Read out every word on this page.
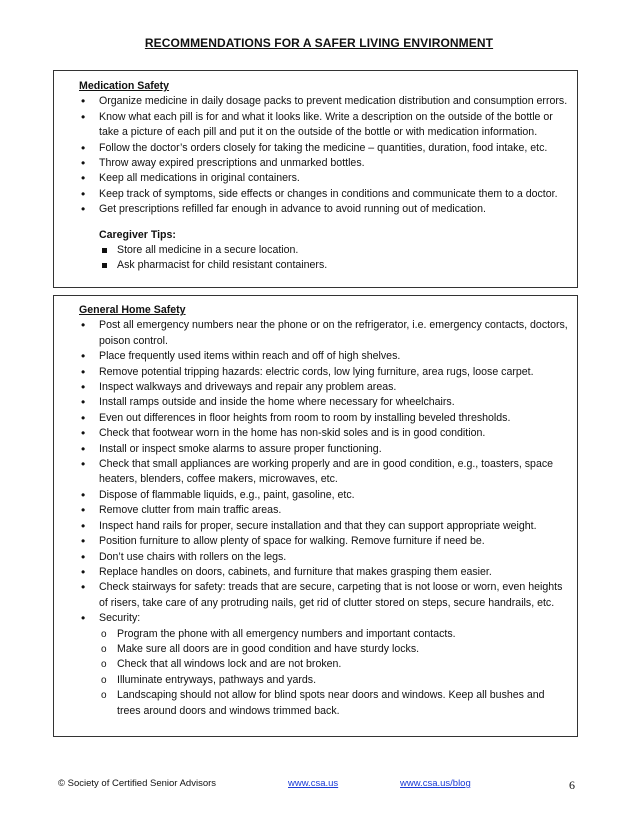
RECOMMENDATIONS FOR A SAFER LIVING ENVIRONMENT
Medication Safety
• Organize medicine in daily dosage packs to prevent medication distribution and consumption errors.
• Know what each pill is for and what it looks like. Write a description on the outside of the bottle or take a picture of each pill and put it on the outside of the bottle or with medication information.
• Follow the doctor’s orders closely for taking the medicine – quantities, duration, food intake, etc.
• Throw away expired prescriptions and unmarked bottles.
• Keep all medications in original containers.
• Keep track of symptoms, side effects or changes in conditions and communicate them to a doctor.
• Get prescriptions refilled far enough in advance to avoid running out of medication.
Caregiver Tips:
Store all medicine in a secure location.
Ask pharmacist for child resistant containers.
General Home Safety
• Post all emergency numbers near the phone or on the refrigerator, i.e. emergency contacts, doctors, poison control.
• Place frequently used items within reach and off of high shelves.
• Remove potential tripping hazards: electric cords, low lying furniture, area rugs, loose carpet.
• Inspect walkways and driveways and repair any problem areas.
• Install ramps outside and inside the home where necessary for wheelchairs.
• Even out differences in floor heights from room to room by installing beveled thresholds.
• Check that footwear worn in the home has non-skid soles and is in good condition.
• Install or inspect smoke alarms to assure proper functioning.
• Check that small appliances are working properly and are in good condition, e.g., toasters, space heaters, blenders, coffee makers, microwaves, etc.
• Dispose of flammable liquids, e.g., paint, gasoline, etc.
• Remove clutter from main traffic areas.
• Inspect hand rails for proper, secure installation and that they can support appropriate weight.
• Position furniture to allow plenty of space for walking. Remove furniture if need be.
• Don’t use chairs with rollers on the legs.
• Replace handles on doors, cabinets, and furniture that makes grasping them easier.
• Check stairways for safety: treads that are secure, carpeting that is not loose or worn, even heights of risers, take care of any protruding nails, get rid of clutter stored on steps, secure handrails, etc.
• Security:
o Program the phone with all emergency numbers and important contacts.
o Make sure all doors are in good condition and have sturdy locks.
o Check that all windows lock and are not broken.
o Illuminate entryways, pathways and yards.
o Landscaping should not allow for blind spots near doors and windows. Keep all bushes and trees around doors and windows trimmed back.
© Society of Certified Senior Advisors	www.csa.us	www.csa.us/blog	6
